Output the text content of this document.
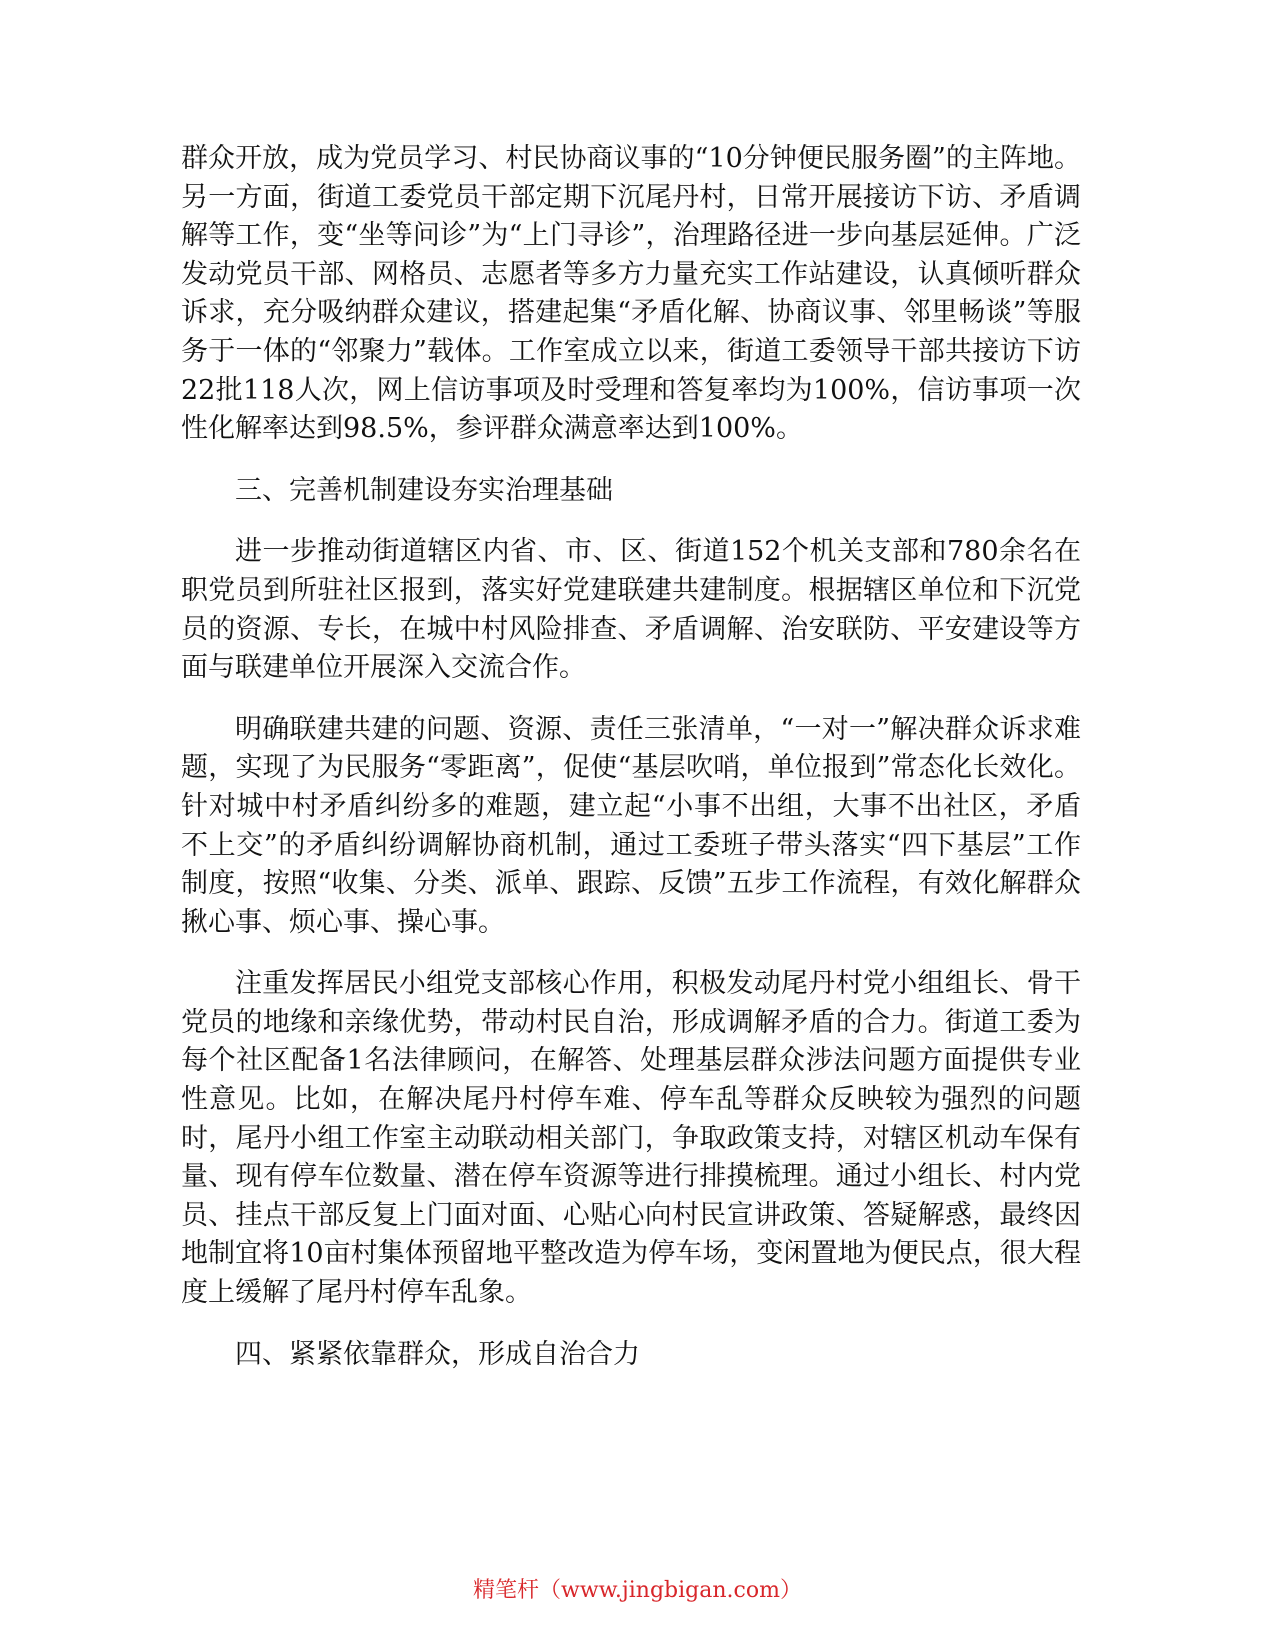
群众开放，成为党员学习、村民协商议事的“10分钟便民服务圈”的主阵地。另一方面，街道工委党员干部定期下沉尾丹村，日常开展接访下访、矛盾调解等工作，变“坐等问诊”为“上门寻诊”，治理路径进一步向基层延伸。广泛发动党员干部、网格员、志愿者等多方力量充实工作站建设，认真倾听群众诉求，充分吸纳群众建议，搭建起集“矛盾化解、协商议事、邻里畅谈”等服务于一体的“邻聚力”载体。工作室成立以来，街道工委领导干部共接访下访22批118人次，网上信访事项及时受理和答复率均为100%，信访事项一次性化解率达到98.5%，参评群众满意率达到100%。

三、完善机制建设夯实治理基础

进一步推动街道辖区内省、市、区、街道152个机关支部和780余名在职党员到所驻社区报到，落实好党建联建共建制度。根据辖区单位和下沉党员的资源、专长，在城中村风险排查、矛盾调解、治安联防、平安建设等方面与联建单位开展深入交流合作。

明确联建共建的问题、资源、责任三张清单，“一对一”解决群众诉求难题，实现了为民服务“零距离”，促使“基层吹哨，单位报到”常态化长效化。针对城中村矛盾纠纷多的难题，建立起“小事不出组，大事不出社区，矛盾不上交”的矛盾纠纷调解协商机制，通过工委班子带头落实“四下基层”工作制度，按照“收集、分类、派单、跟踪、反馈”五步工作流程，有效化解群众揪心事、烦心事、操心事。

注重发挥居民小组党支部核心作用，积极发动尾丹村党小组组长、骨干党员的地缘和亲缘优势，带动村民自治，形成调解矛盾的合力。街道工委为每个社区配备1名法律顾问，在解答、处理基层群众涉法问题方面提供专业性意见。比如，在解决尾丹村停车难、停车乱等群众反映较为强烈的问题时，尾丹小组工作室主动联动相关部门，争取政策支持，对辖区机动车保有量、现有停车位数量、潜在停车资源等进行排摸梳理。通过小组长、村内党员、挂点干部反复上门面对面、心贴心向村民宣讲政策、答疑解惑，最终因地制宜将10亩村集体预留地平整改造为停车场，变闲置地为便民点，很大程度上缓解了尾丹村停车乱象。

四、紧紧依靠群众，形成自治合力

精笔杆（www.jingbigan.com）
